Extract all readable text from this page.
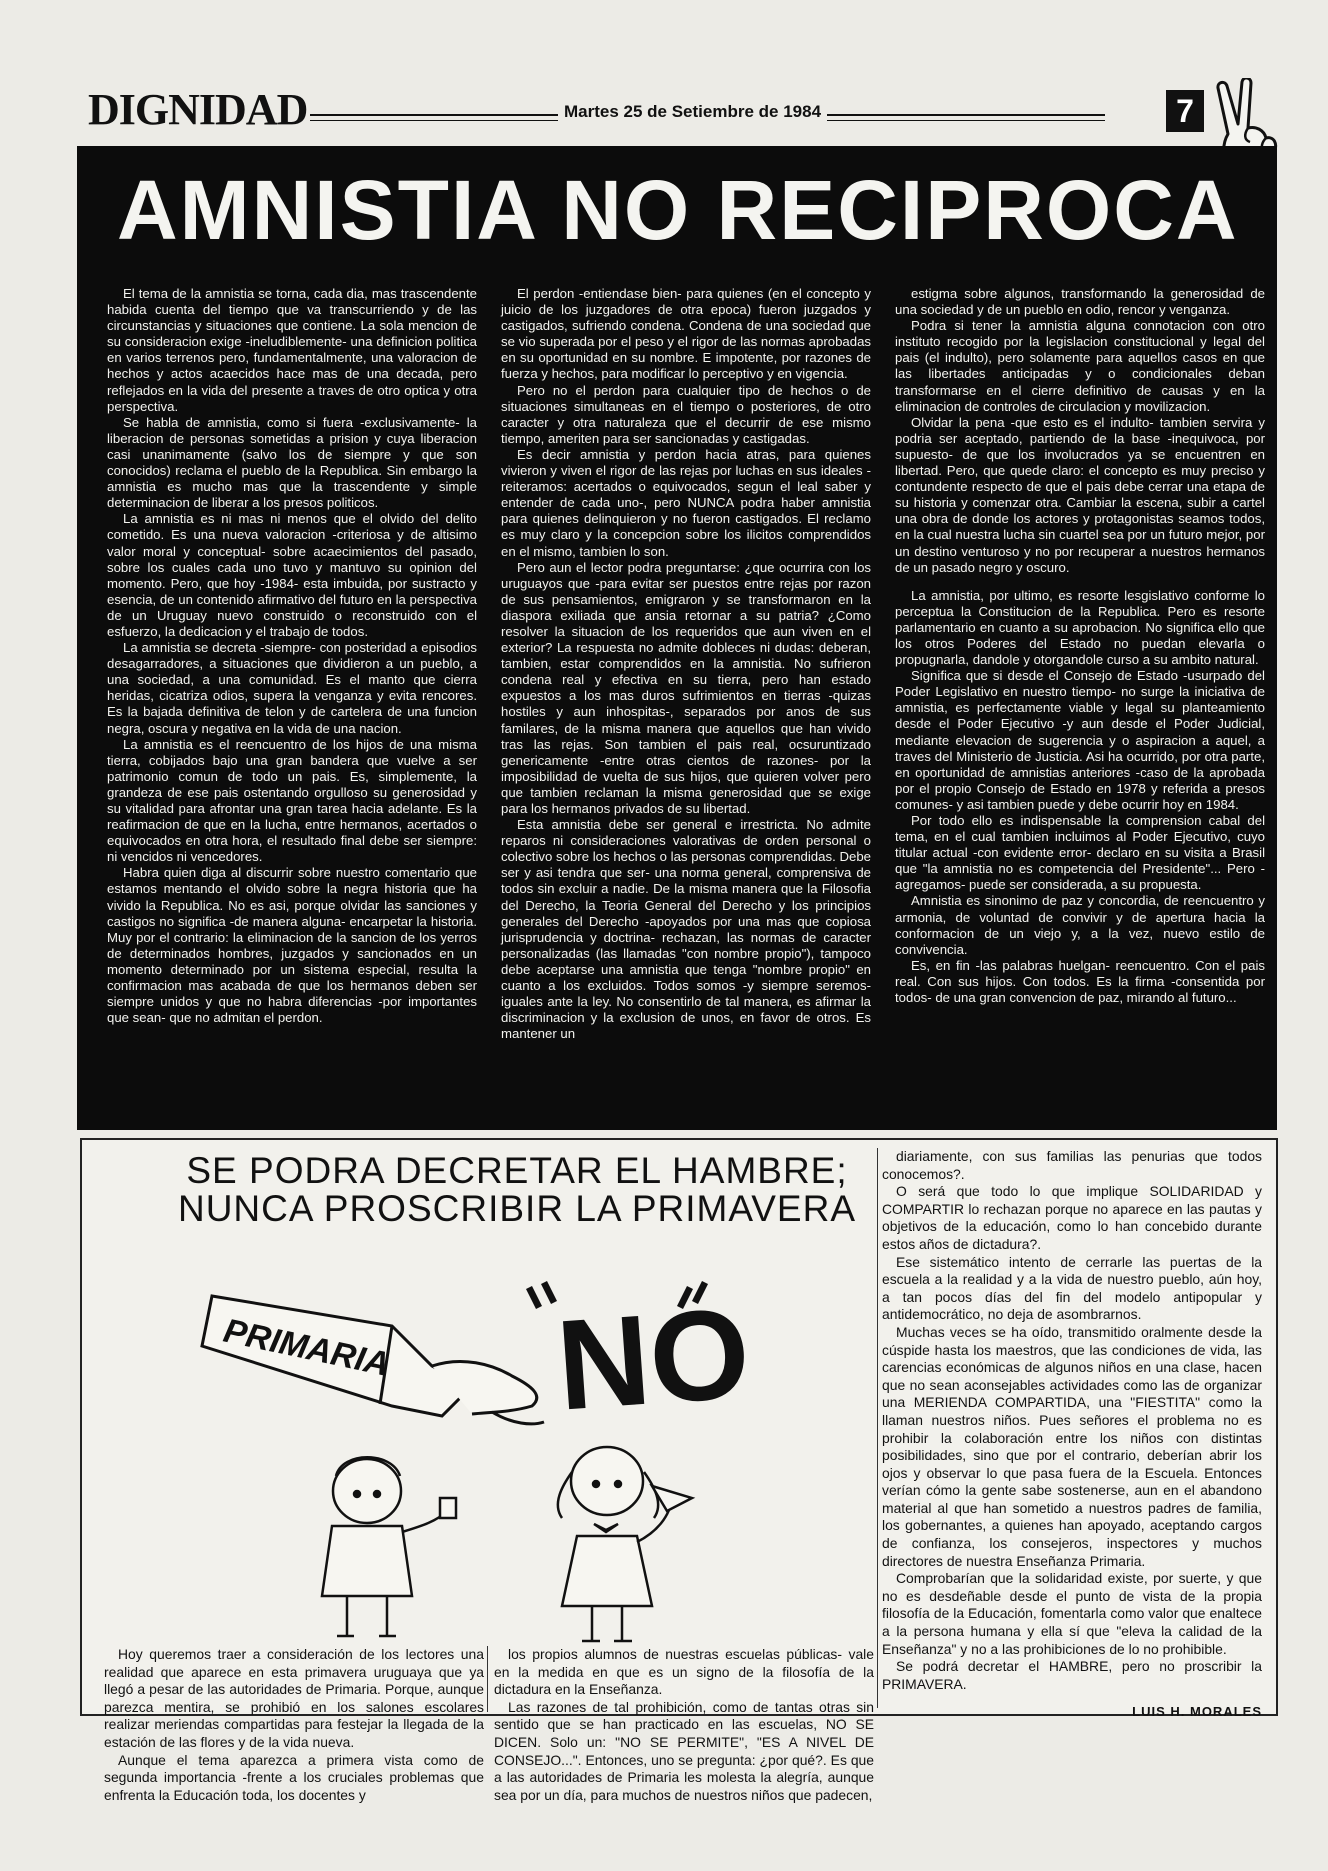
DIGNIDAD	Martes 25 de Setiembre de 1984	7
AMNISTIA NO RECIPROCA

El tema de la amnistia se torna, cada dia, mas trascendente habida cuenta del tiempo que va transcurriendo y de las circunstancias y situaciones que contiene. La sola mencion de su consideracion exige -ineludiblemente- una definicion politica en varios terrenos pero, fundamentalmente, una valoracion de hechos y actos acaecidos hace mas de una decada, pero reflejados en la vida del presente a traves de otro optica y otra perspectiva.

Se habla de amnistia, como si fuera -exclusivamente- la liberacion de personas sometidas a prision y cuya liberacion casi unanimamente (salvo los de siempre y que son conocidos) reclama el pueblo de la Republica. Sin embargo la amnistia es mucho mas que la trascendente y simple determinacion de liberar a los presos politicos.

La amnistia es ni mas ni menos que el olvido del delito cometido. Es una nueva valoracion -criteriosa y de altisimo valor moral y conceptual- sobre acaecimientos del pasado, sobre los cuales cada uno tuvo y mantuvo su opinion del momento. Pero, que hoy -1984- esta imbuida, por sustracto y esencia, de un contenido afirmativo del futuro en la perspectiva de un Uruguay nuevo construido o reconstruido con el esfuerzo, la dedicacion y el trabajo de todos.

La amnistia se decreta -siempre- con posteridad a episodios desagarradores, a situaciones que dividieron a un pueblo, a una sociedad, a una comunidad. Es el manto que cierra heridas, cicatriza odios, supera la venganza y evita rencores. Es la bajada definitiva de telon y de cartelera de una funcion negra, oscura y negativa en la vida de una nacion.

La amnistia es el reencuentro de los hijos de una misma tierra, cobijados bajo una gran bandera que vuelve a ser patrimonio comun de todo un pais. Es, simplemente, la grandeza de ese pais ostentando orgulloso su generosidad y su vitalidad para afrontar una gran tarea hacia adelante. Es la reafirmacion de que en la lucha, entre hermanos, acertados o equivocados en otra hora, el resultado final debe ser siempre: ni vencidos ni vencedores.

Habra quien diga al discurrir sobre nuestro comentario que estamos mentando el olvido sobre la negra historia que ha vivido la Republica. No es asi, porque olvidar las sanciones y castigos no significa -de manera alguna- encarpetar la historia. Muy por el contrario: la eliminacion de la sancion de los yerros de determinados hombres, juzgados y sancionados en un momento determinado por un sistema especial, resulta la confirmacion mas acabada de que los hermanos deben ser siempre unidos y que no habra diferencias -por importantes que sean- que no admitan el perdon.

El perdon -entiendase bien- para quienes (en el concepto y juicio de los juzgadores de otra epoca) fueron juzgados y castigados, sufriendo condena. Condena de una sociedad que se vio superada por el peso y el rigor de las normas aprobadas en su oportunidad en su nombre. E impotente, por razones de fuerza y hechos, para modificar lo perceptivo y en vigencia.

Pero no el perdon para cualquier tipo de hechos o de situaciones simultaneas en el tiempo o posteriores, de otro caracter y otra naturaleza que el decurrir de ese mismo tiempo, ameriten para ser sancionadas y castigadas.

Es decir amnistia y perdon hacia atras, para quienes vivieron y viven el rigor de las rejas por luchas en sus ideales -reiteramos: acertados o equivocados, segun el leal saber y entender de cada uno-, pero NUNCA podra haber amnistia para quienes delinquieron y no fueron castigados. El reclamo es muy claro y la concepcion sobre los ilicitos comprendidos en el mismo, tambien lo son.

Pero aun el lector podra preguntarse: ¿que ocurrira con los uruguayos que -para evitar ser puestos entre rejas por razon de sus pensamientos, emigraron y se transformaron en la diaspora exiliada que ansia retornar a su patria? ¿Como resolver la situacion de los requeridos que aun viven en el exterior? La respuesta no admite dobleces ni dudas: deberan, tambien, estar comprendidos en la amnistia. No sufrieron condena real y efectiva en su tierra, pero han estado expuestos a los mas duros sufrimientos en tierras -quizas hostiles y aun inhospitas-, separados por anos de sus familares, de la misma manera que aquellos que han vivido tras las rejas. Son tambien el pais real, ocsuruntizado genericamente -entre otras cientos de razones- por la imposibilidad de vuelta de sus hijos, que quieren volver pero que tambien reclaman la misma generosidad que se exige para los hermanos privados de su libertad.

Esta amnistia debe ser general e irrestricta. No admite reparos ni consideraciones valorativas de orden personal o colectivo sobre los hechos o las personas comprendidas. Debe ser y asi tendra que ser- una norma general, comprensiva de todos sin excluir a nadie. De la misma manera que la Filosofia del Derecho, la Teoria General del Derecho y los principios generales del Derecho -apoyados por una mas que copiosa jurisprudencia y doctrina- rechazan, las normas de caracter personalizadas (las llamadas "con nombre propio"), tampoco debe aceptarse una amnistia que tenga "nombre propio" en cuanto a los excluidos. Todos somos -y siempre seremos- iguales ante la ley. No consentirlo de tal manera, es afirmar la discriminacion y la exclusion de unos, en favor de otros. Es mantener un

estigma sobre algunos, transformando la generosidad de una sociedad y de un pueblo en odio, rencor y venganza.

Podra si tener la amnistia alguna connotacion con otro instituto recogido por la legislacion constitucional y legal del pais (el indulto), pero solamente para aquellos casos en que las libertades anticipadas y o condicionales deban transformarse en el cierre definitivo de causas y en la eliminacion de controles de circulacion y movilizacion.

Olvidar la pena -que esto es el indulto- tambien servira y podria ser aceptado, partiendo de la base -inequivoca, por supuesto- de que los involucrados ya se encuentren en libertad. Pero, que quede claro: el concepto es muy preciso y contundente respecto de que el pais debe cerrar una etapa de su historia y comenzar otra. Cambiar la escena, subir a cartel una obra de donde los actores y protagonistas seamos todos, en la cual nuestra lucha sin cuartel sea por un futuro mejor, por un destino venturoso y no por recuperar a nuestros hermanos de un pasado negro y oscuro.

La amnistia, por ultimo, es resorte lesgislativo conforme lo perceptua la Constitucion de la Republica. Pero es resorte parlamentario en cuanto a su aprobacion. No significa ello que los otros Poderes del Estado no puedan elevarla o propugnarla, dandole y otorgandole curso a su ambito natural.

Significa que si desde el Consejo de Estado -usurpado del Poder Legislativo en nuestro tiempo- no surge la iniciativa de amnistia, es perfectamente viable y legal su planteamiento desde el Poder Ejecutivo -y aun desde el Poder Judicial, mediante elevacion de sugerencia y o aspiracion a aquel, a traves del Ministerio de Justicia. Asi ha ocurrido, por otra parte, en oportunidad de amnistias anteriores -caso de la aprobada por el propio Consejo de Estado en 1978 y referida a presos comunes- y asi tambien puede y debe ocurrir hoy en 1984.

Por todo ello es indispensable la comprension cabal del tema, en el cual tambien incluimos al Poder Ejecutivo, cuyo titular actual -con evidente error- declaro en su visita a Brasil que "la amnistia no es competencia del Presidente"... Pero -agregamos- puede ser considerada, a su propuesta.

Amnistia es sinonimo de paz y concordia, de reencuentro y armonia, de voluntad de convivir y de apertura hacia la conformacion de un viejo y, a la vez, nuevo estilo de convivencia.

Es, en fin -las palabras huelgan- reencuentro. Con el pais real. Con sus hijos. Con todos. Es la firma -consentida por todos- de una gran convencion de paz, mirando al futuro...

SE PODRA DECRETAR EL HAMBRE;
NUNCA PROSCRIBIR LA PRIMAVERA
PRIMARIA NO

Hoy queremos traer a consideración de los lectores una realidad que aparece en esta primavera uruguaya que ya llegó a pesar de las autoridades de Primaria. Porque, aunque parezca mentira, se prohibió en los salones escolares realizar meriendas compartidas para festejar la llegada de la estación de las flores y de la vida nueva.

Aunque el tema aparezca a primera vista como de segunda importancia -frente a los cruciales problemas que enfrenta la Educación toda, los docentes y

los propios alumnos de nuestras escuelas públicas- vale en la medida en que es un signo de la filosofía de la dictadura en la Enseñanza.

Las razones de tal prohibición, como de tantas otras sin sentido que se han practicado en las escuelas, NO SE DICEN. Solo un: "NO SE PERMITE", "ES A NIVEL DE CONSEJO...". Entonces, uno se pregunta: ¿por qué?. Es que a las autoridades de Primaria les molesta la alegría, aunque sea por un día, para muchos de nuestros niños que padecen,

diariamente, con sus familias las penurias que todos conocemos?.

O será que todo lo que implique SOLIDARIDAD y COMPARTIR lo rechazan porque no aparece en las pautas y objetivos de la educación, como lo han concebido durante estos años de dictadura?.

Ese sistemático intento de cerrarle las puertas de la escuela a la realidad y a la vida de nuestro pueblo, aún hoy, a tan pocos días del fin del modelo antipopular y antidemocrático, no deja de asombrarnos.

Muchas veces se ha oído, transmitido oralmente desde la cúspide hasta los maestros, que las condiciones de vida, las carencias económicas de algunos niños en una clase, hacen que no sean aconsejables actividades como las de organizar una MERIENDA COMPARTIDA, una "FIESTITA" como la llaman nuestros niños. Pues señores el problema no es prohibir la colaboración entre los niños con distintas posibilidades, sino que por el contrario, deberían abrir los ojos y observar lo que pasa fuera de la Escuela. Entonces verían cómo la gente sabe sostenerse, aun en el abandono material al que han sometido a nuestros padres de familia, los gobernantes, a quienes han apoyado, aceptando cargos de confianza, los consejeros, inspectores y muchos directores de nuestra Enseñanza Primaria.

Comprobarían que la solidaridad existe, por suerte, y que no es desdeñable desde el punto de vista de la propia filosofía de la Educación, fomentarla como valor que enaltece a la persona humana y ella sí que "eleva la calidad de la Enseñanza" y no a las prohibiciones de lo no prohibible.

Se podrá decretar el HAMBRE, pero no proscribir la PRIMAVERA.

LUIS H. MORALES
